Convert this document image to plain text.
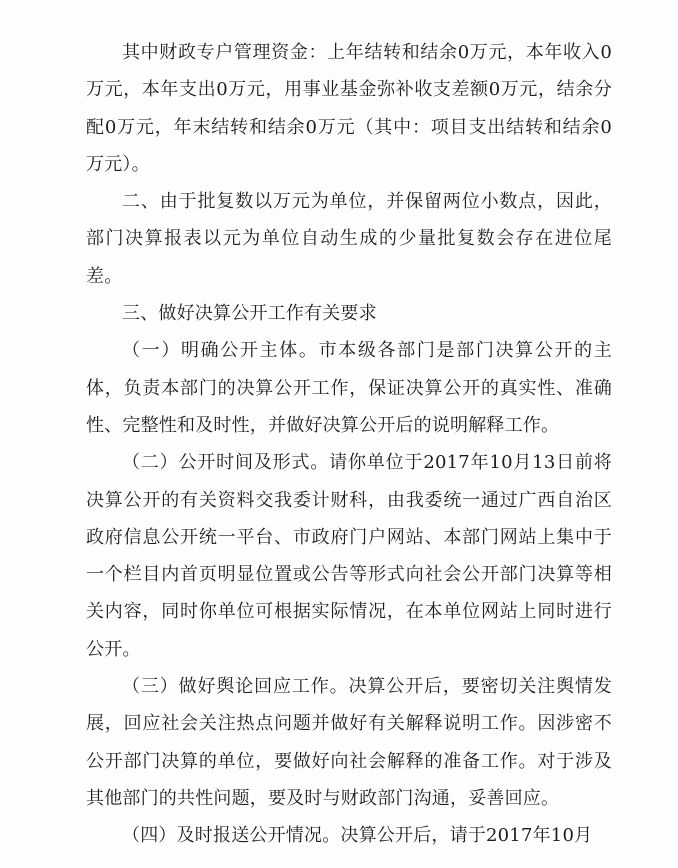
其中财政专户管理资金：上年结转和结余0万元，本年收入0万元，本年支出0万元，用事业基金弥补收支差额0万元，结余分配0万元，年末结转和结余0万元（其中：项目支出结转和结余0万元）。

二、由于批复数以万元为单位，并保留两位小数点，因此，部门决算报表以元为单位自动生成的少量批复数会存在进位尾差。

三、做好决算公开工作有关要求

（一）明确公开主体。市本级各部门是部门决算公开的主体，负责本部门的决算公开工作，保证决算公开的真实性、准确性、完整性和及时性，并做好决算公开后的说明解释工作。

（二）公开时间及形式。请你单位于2017年10月13日前将决算公开的有关资料交我委计财科，由我委统一通过广西自治区政府信息公开统一平台、市政府门户网站、本部门网站上集中于一个栏目内首页明显位置或公告等形式向社会公开部门决算等相关内容，同时你单位可根据实际情况，在本单位网站上同时进行公开。

（三）做好舆论回应工作。决算公开后，要密切关注舆情发展，回应社会关注热点问题并做好有关解释说明工作。因涉密不公开部门决算的单位，要做好向社会解释的准备工作。对于涉及其他部门的共性问题，要及时与财政部门沟通，妥善回应。

（四）及时报送公开情况。决算公开后，请于2017年10月
